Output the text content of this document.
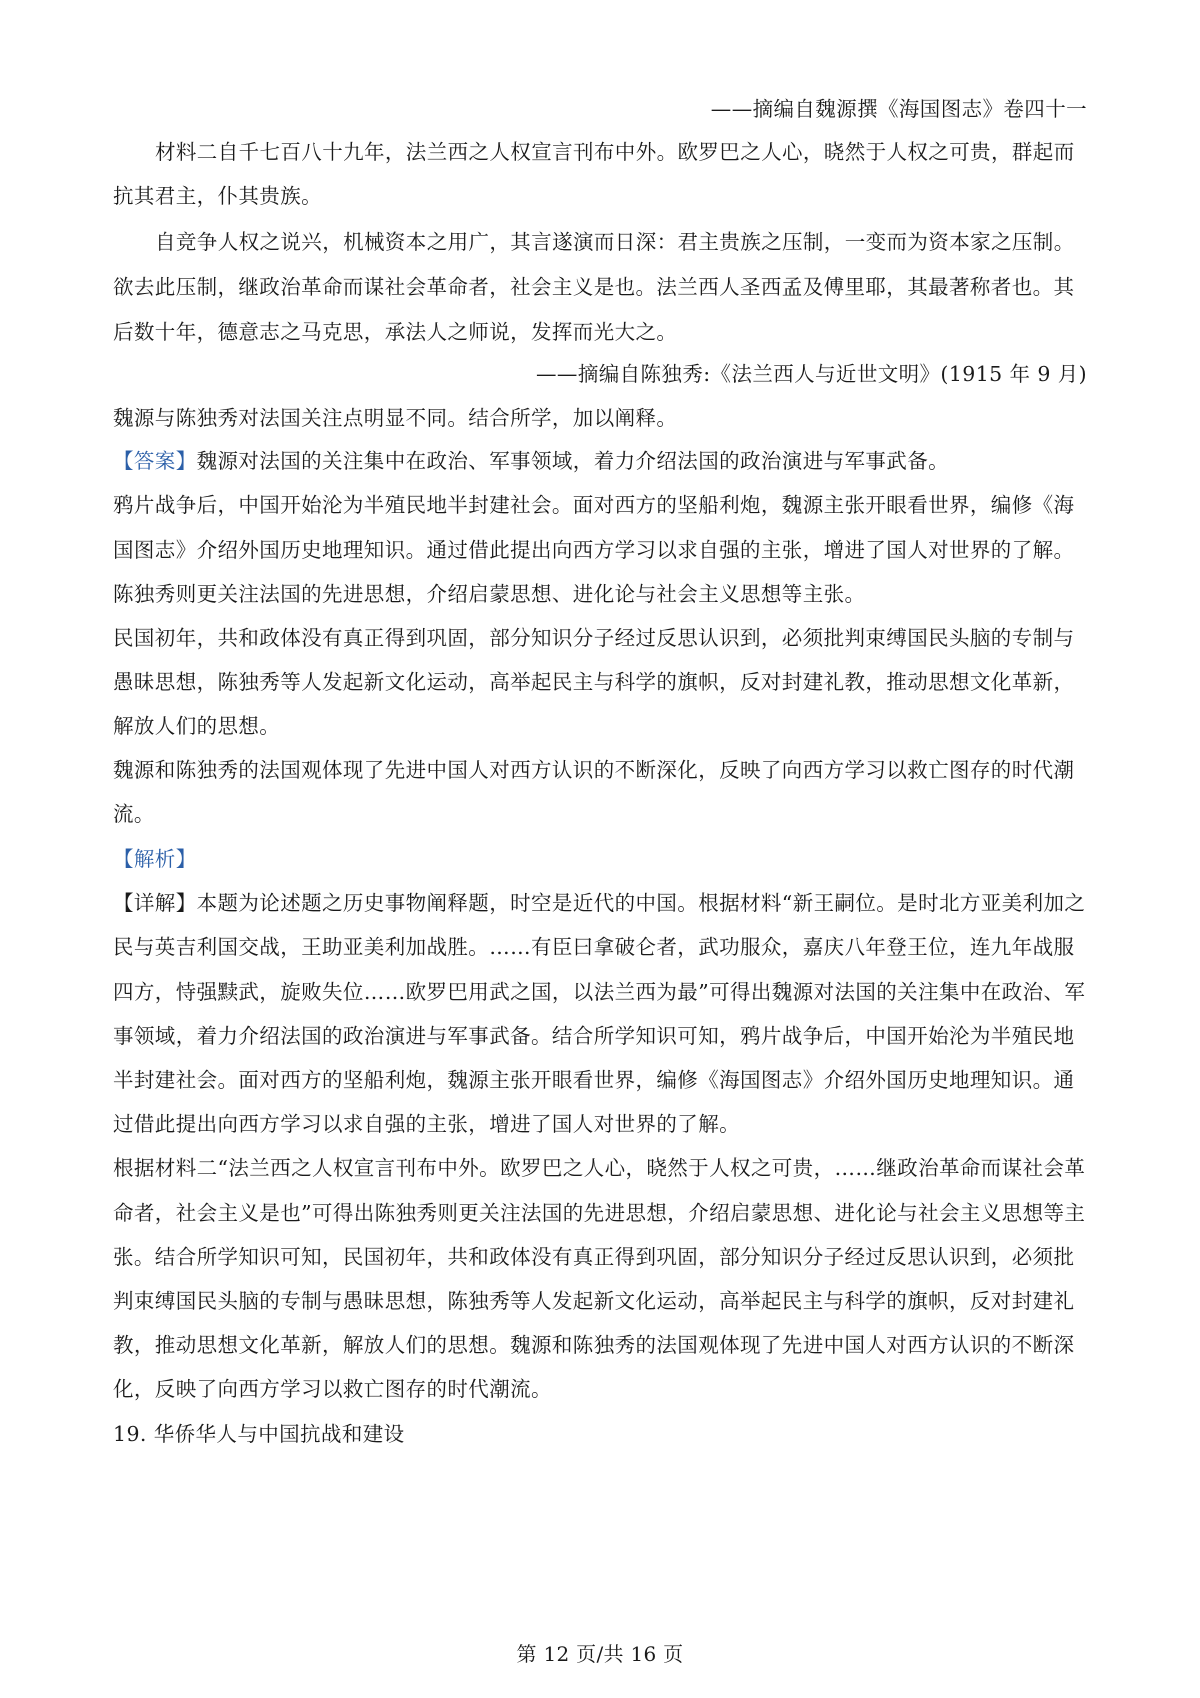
——摘编自魏源撰《海国图志》卷四十一
材料二自千七百八十九年，法兰西之人权宣言刊布中外。欧罗巴之人心，晓然于人权之可贵，群起而
抗其君主，仆其贵族。
自竞争人权之说兴，机械资本之用广，其言遂演而日深：君主贵族之压制，一变而为资本家之压制。
欲去此压制，继政治革命而谋社会革命者，社会主义是也。法兰西人圣西孟及傅里耶，其最著称者也。其
后数十年，德意志之马克思，承法人之师说，发挥而光大之。
——摘编自陈独秀:《法兰西人与近世文明》(1915 年 9 月)
魏源与陈独秀对法国关注点明显不同。结合所学，加以阐释。
【答案】魏源对法国的关注集中在政治、军事领域，着力介绍法国的政治演进与军事武备。
鸦片战争后，中国开始沦为半殖民地半封建社会。面对西方的坚船利炮，魏源主张开眼看世界，编修《海
国图志》介绍外国历史地理知识。通过借此提出向西方学习以求自强的主张，增进了国人对世界的了解。
陈独秀则更关注法国的先进思想，介绍启蒙思想、进化论与社会主义思想等主张。
民国初年，共和政体没有真正得到巩固，部分知识分子经过反思认识到，必须批判束缚国民头脑的专制与
愚昧思想，陈独秀等人发起新文化运动，高举起民主与科学的旗帜，反对封建礼教，推动思想文化革新，
解放人们的思想。
魏源和陈独秀的法国观体现了先进中国人对西方认识的不断深化，反映了向西方学习以救亡图存的时代潮
流。
【解析】
【详解】本题为论述题之历史事物阐释题，时空是近代的中国。根据材料“新王嗣位。是时北方亚美利加之
民与英吉利国交战，王助亚美利加战胜。……有臣曰拿破仑者，武功服众，嘉庆八年登王位，连九年战服
四方，恃强黩武，旋败失位……欧罗巴用武之国，以法兰西为最”可得出魏源对法国的关注集中在政治、军
事领域，着力介绍法国的政治演进与军事武备。结合所学知识可知，鸦片战争后，中国开始沦为半殖民地
半封建社会。面对西方的坚船利炮，魏源主张开眼看世界，编修《海国图志》介绍外国历史地理知识。通
过借此提出向西方学习以求自强的主张，增进了国人对世界的了解。
根据材料二“法兰西之人权宣言刊布中外。欧罗巴之人心，晓然于人权之可贵，……继政治革命而谋社会革
命者，社会主义是也”可得出陈独秀则更关注法国的先进思想，介绍启蒙思想、进化论与社会主义思想等主
张。结合所学知识可知，民国初年，共和政体没有真正得到巩固，部分知识分子经过反思认识到，必须批
判束缚国民头脑的专制与愚昧思想，陈独秀等人发起新文化运动，高举起民主与科学的旗帜，反对封建礼
教，推动思想文化革新，解放人们的思想。魏源和陈独秀的法国观体现了先进中国人对西方认识的不断深
化，反映了向西方学习以救亡图存的时代潮流。
19. 华侨华人与中国抗战和建设
第 12 页/共 16 页
